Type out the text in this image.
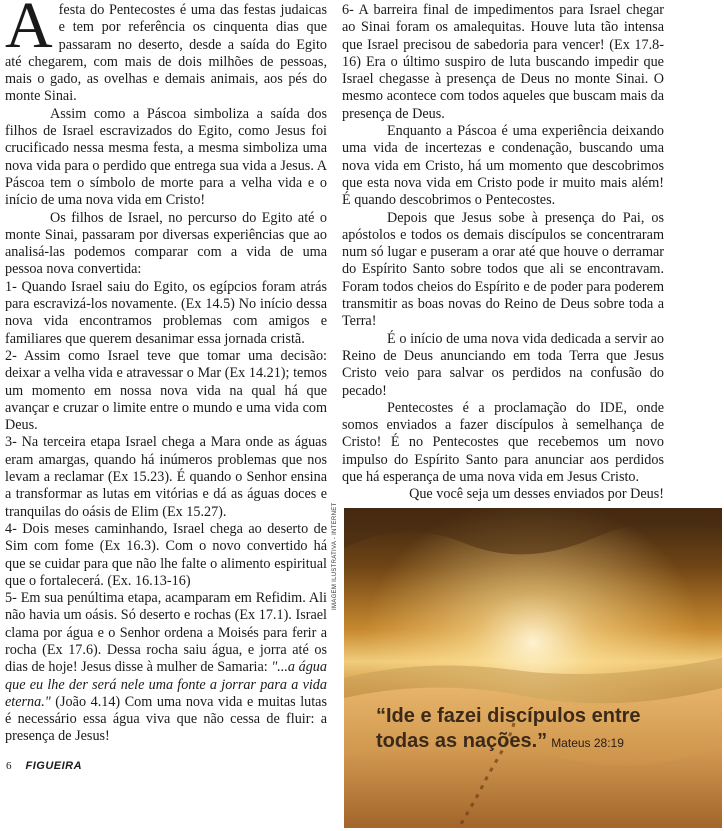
Afesta do Pentecostes é uma das festas judaicas e tem por referência os cinquenta dias que passaram no deserto, desde a saída do Egito até chegarem, com mais de dois milhões de pessoas, mais o gado, as ovelhas e demais animais, aos pés do monte Sinai.

Assim como a Páscoa simboliza a saída dos filhos de Israel escravizados do Egito, como Jesus foi crucificado nessa mesma festa, a mesma simboliza uma nova vida para o perdido que entrega sua vida a Jesus. A Páscoa tem o símbolo de morte para a velha vida e o início de uma nova vida em Cristo!

Os filhos de Israel, no percurso do Egito até o monte Sinai, passaram por diversas experiências que ao analisá-las podemos comparar com a vida de uma pessoa nova convertida:

1- Quando Israel saiu do Egito, os egípcios foram atrás para escravizá-los novamente. (Ex 14.5) No início dessa nova vida encontramos problemas com amigos e familiares que querem desanimar essa jornada cristã.

2- Assim como Israel teve que tomar uma decisão: deixar a velha vida e atravessar o Mar (Ex 14.21); temos um momento em nossa nova vida na qual há que avançar e cruzar o limite entre o mundo e uma vida com Deus.

3- Na terceira etapa Israel chega a Mara onde as águas eram amargas, quando há inúmeros problemas que nos levam a reclamar (Ex 15.23). É quando o Senhor ensina a transformar as lutas em vitórias e dá as águas doces e tranquilas do oásis de Elim (Ex 15.27).

4- Dois meses caminhando, Israel chega ao deserto de Sim com fome (Ex 16.3). Com o novo convertido há que se cuidar para que não lhe falte o alimento espiritual que o fortalecerá. (Ex. 16.13-16)

5- Em sua penúltima etapa, acamparam em Refidim. Ali não havia um oásis. Só deserto e rochas (Ex 17.1). Israel clama por água e o Senhor ordena a Moisés para ferir a rocha (Ex 17.6). Dessa rocha saiu água, e jorra até os dias de hoje! Jesus disse à mulher de Samaria: "...a água que eu lhe der será nele uma fonte a jorrar para a vida eterna." (João 4.14) Com uma nova vida e muitas lutas é necessário essa água viva que não cessa de fluir: a presença de Jesus!

6- A barreira final de impedimentos para Israel chegar ao Sinai foram os amalequitas. Houve luta tão intensa que Israel precisou de sabedoria para vencer! (Ex 17.8-16) Era o último suspiro de luta buscando impedir que Israel chegasse à presença de Deus no monte Sinai. O mesmo acontece com todos aqueles que buscam mais da presença de Deus.

Enquanto a Páscoa é uma experiência deixando uma vida de incertezas e condenação, buscando uma nova vida em Cristo, há um momento que descobrimos que esta nova vida em Cristo pode ir muito mais além! É quando descobrimos o Pentecostes.

Depois que Jesus sobe à presença do Pai, os apóstolos e todos os demais discípulos se concentraram num só lugar e puseram a orar até que houve o derramar do Espírito Santo sobre todos que ali se encontravam. Foram todos cheios do Espírito e de poder para poderem transmitir as boas novas do Reino de Deus sobre toda a Terra!

É o início de uma nova vida dedicada a servir ao Reino de Deus anunciando em toda Terra que Jesus Cristo veio para salvar os perdidos na confusão do pecado!

Pentecostes é a proclamação do IDE, onde somos enviados a fazer discípulos à semelhança de Cristo! É no Pentecostes que recebemos um novo impulso do Espírito Santo para anunciar aos perdidos que há esperança de uma nova vida em Jesus Cristo.

Que você seja um desses enviados por Deus!

IMAGEM ILUSTRATIVA - INTERNET
“Ide e fazei discípulos entre
todas as nações.” Mateus 28:19
6 FIGUEIRA
